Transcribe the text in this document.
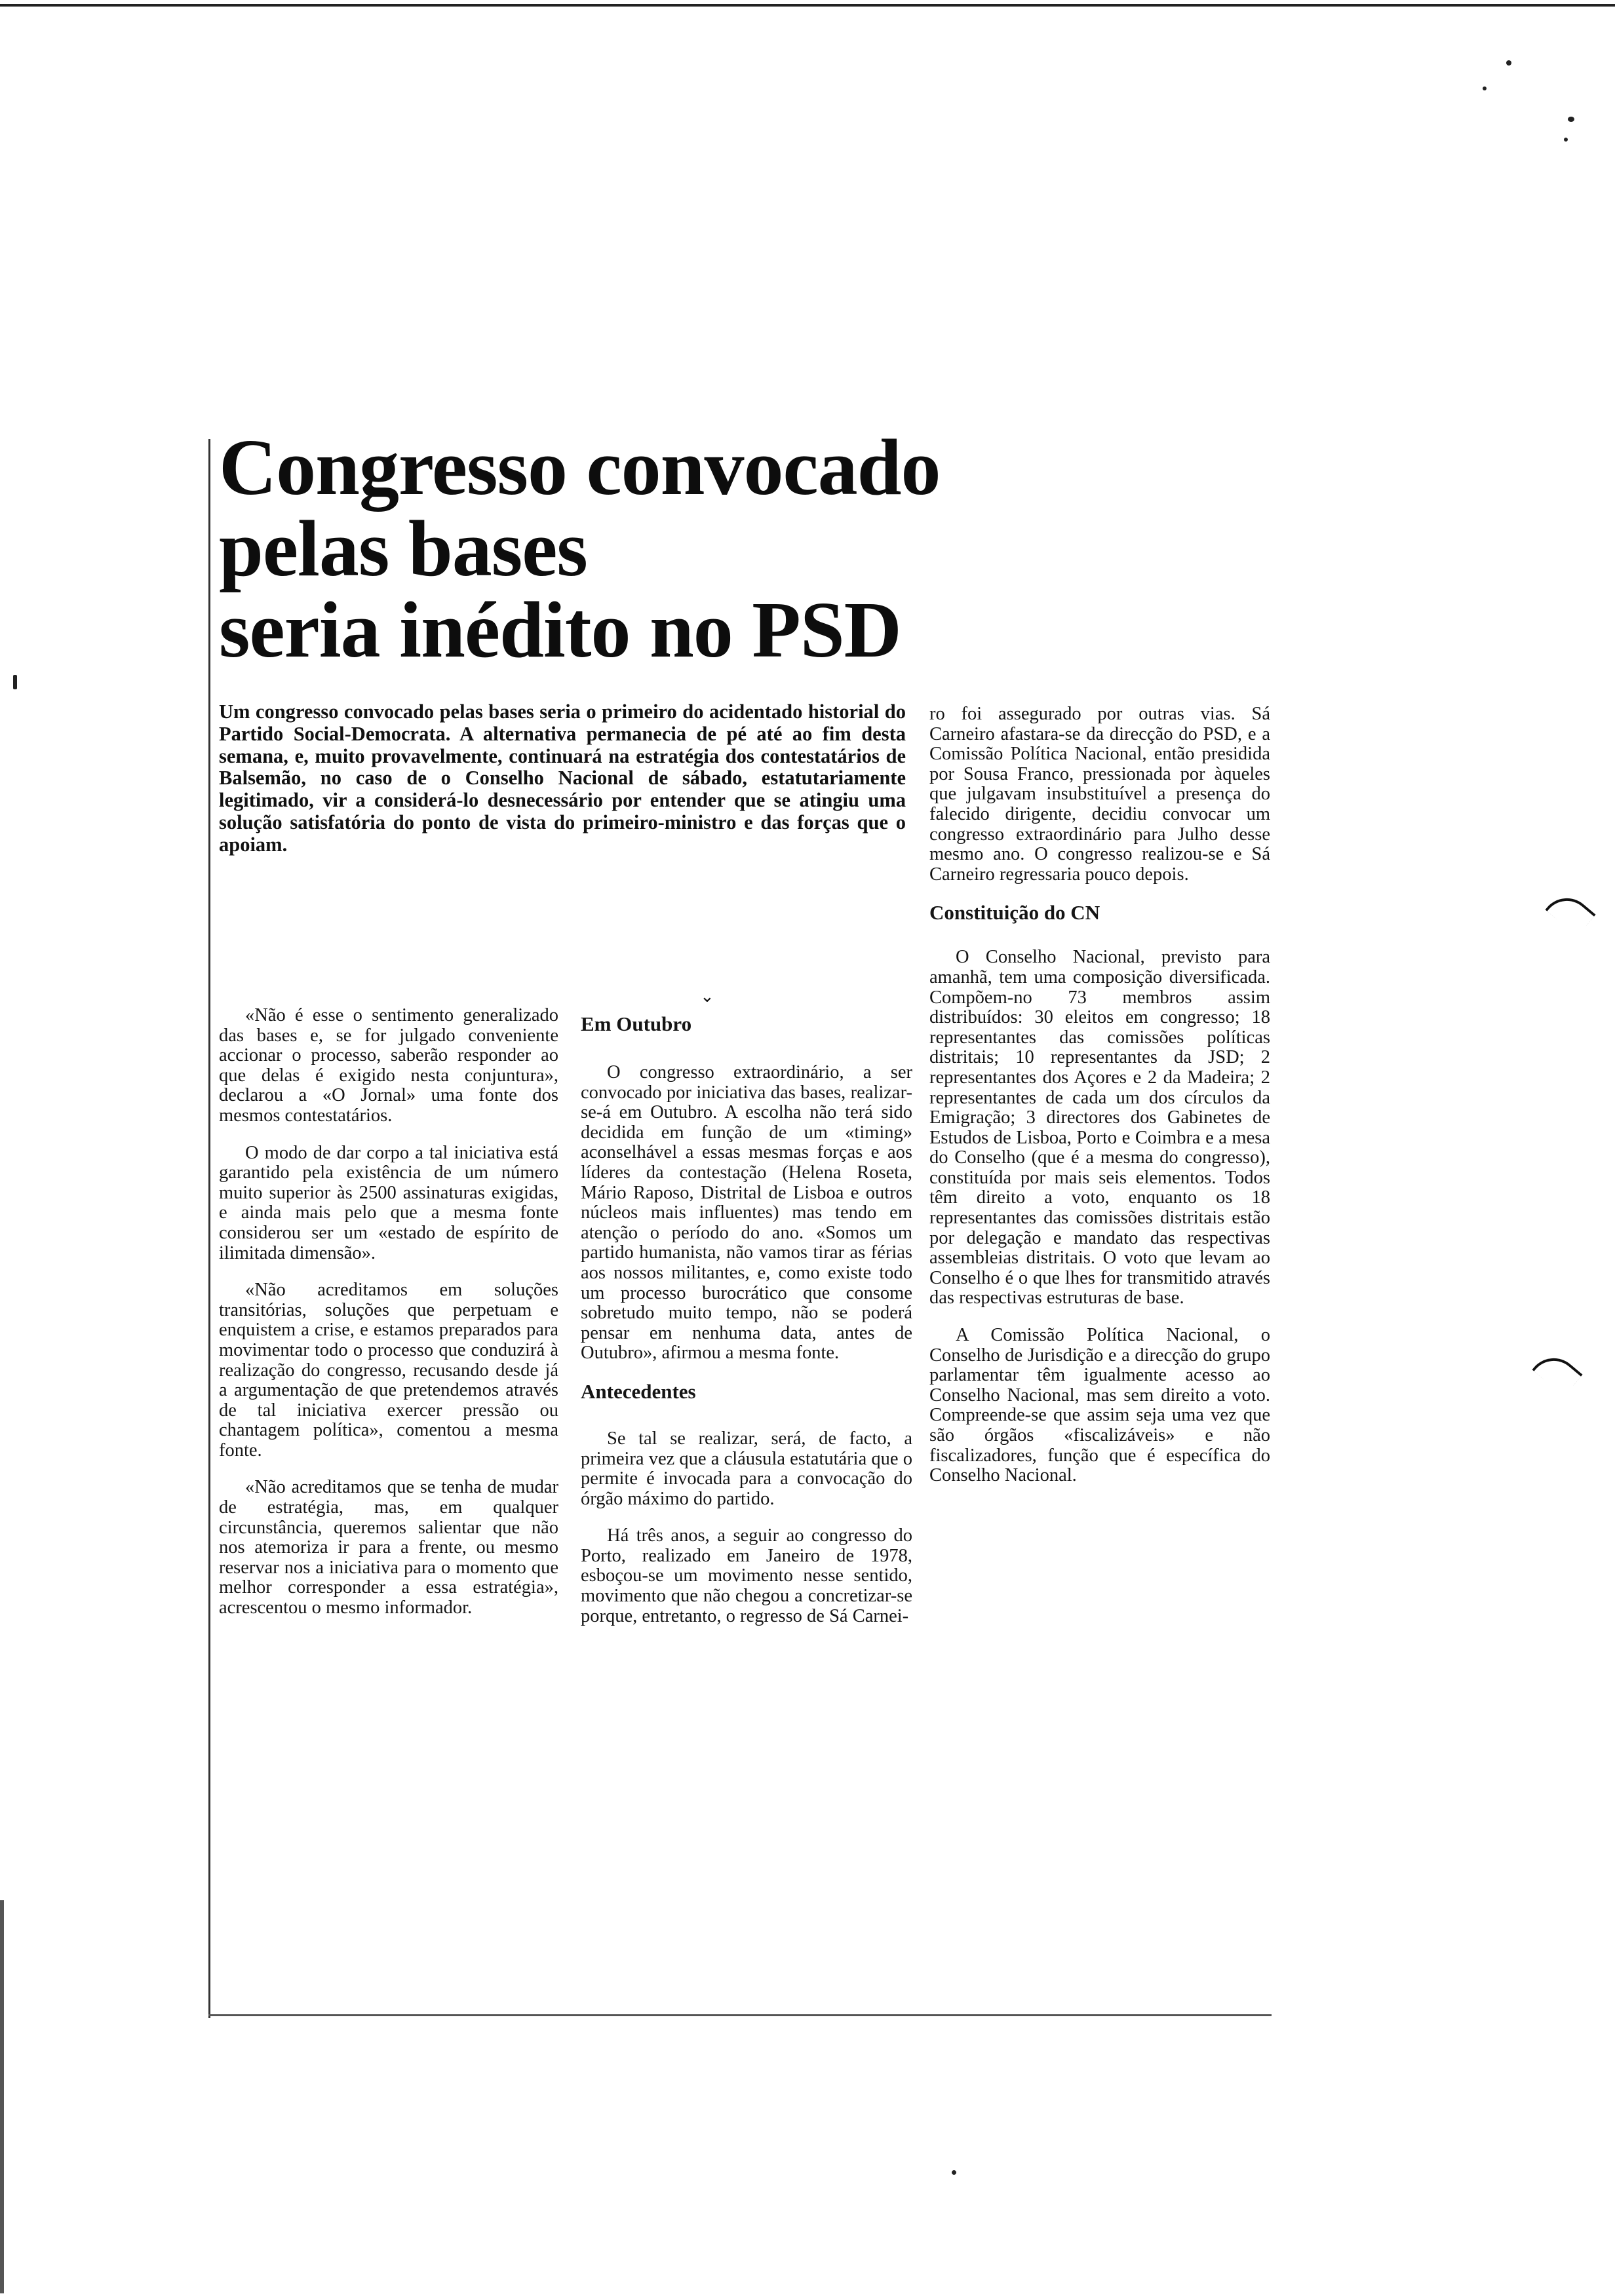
Congresso convocado
pelas bases
seria inédito no PSD

Um congresso convocado pelas bases seria o primeiro do acidentado historial do Partido Social-Democrata. A alternativa permanecia de pé até ao fim desta semana, e, muito provavelmente, continuará na estratégia dos contestatários de Balsemão, no caso de o Conselho Nacional de sábado, estatutariamente legitimado, vir a considerá-lo desnecessário por entender que se atingiu uma solução satisfatória do ponto de vista do primeiro-ministro e das forças que o apoiam.

⌄

«Não é esse o sentimento generalizado das bases e, se for julgado conveniente accionar o processo, saberão responder ao que delas é exigido nesta conjuntura», declarou a «O Jornal» uma fonte dos mesmos contestatários.

O modo de dar corpo a tal iniciativa está garantido pela existência de um número muito superior às 2500 assinaturas exigidas, e ainda mais pelo que a mesma fonte considerou ser um «estado de espírito de ilimitada dimensão».

«Não acreditamos em soluções transitórias, soluções que perpetuam e enquistem a crise, e estamos preparados para movimentar todo o processo que conduzirá à realização do congresso, recusando desde já a argumentação de que pretendemos através de tal iniciativa exercer pressão ou chantagem política», comentou a mesma fonte.

«Não acreditamos que se tenha de mudar de estratégia, mas, em qualquer circunstância, queremos salientar que não nos atemoriza ir para a frente, ou mesmo reservar nos a iniciativa para o momento que melhor corresponder a essa estratégia», acrescentou o mesmo informador.

Em Outubro

O congresso extraordinário, a ser convocado por iniciativa das bases, realizar-se-á em Outubro. A escolha não terá sido decidida em função de um «timing» aconselhável a essas mesmas forças e aos líderes da contestação (Helena Roseta, Mário Raposo, Distrital de Lisboa e outros núcleos mais influentes) mas tendo em atenção o período do ano. «Somos um partido humanista, não vamos tirar as férias aos nossos militantes, e, como existe todo um processo burocrático que consome sobretudo muito tempo, não se poderá pensar em nenhuma data, antes de Outubro», afirmou a mesma fonte.

Antecedentes

Se tal se realizar, será, de facto, a primeira vez que a cláusula estatutária que o permite é invocada para a convocação do órgão máximo do partido.

Há três anos, a seguir ao congresso do Porto, realizado em Janeiro de 1978, esboçou-se um movimento nesse sentido, movimento que não chegou a concretizar-se porque, entretanto, o regresso de Sá Carnei-

ro foi assegurado por outras vias. Sá Carneiro afastara-se da direcção do PSD, e a Comissão Política Nacional, então presidida por Sousa Franco, pressionada por àqueles que julgavam insubstituível a presença do falecido dirigente, decidiu convocar um congresso extraordinário para Julho desse mesmo ano. O congresso realizou-se e Sá Carneiro regressaria pouco depois.

Constituição do CN

O Conselho Nacional, previsto para amanhã, tem uma composição diversificada. Compõem-no 73 membros assim distribuídos: 30 eleitos em congresso; 18 representantes das comissões políticas distritais; 10 representantes da JSD; 2 representantes dos Açores e 2 da Madeira; 2 representantes de cada um dos círculos da Emigração; 3 directores dos Gabinetes de Estudos de Lisboa, Porto e Coimbra e a mesa do Conselho (que é a mesma do congresso), constituída por mais seis elementos. Todos têm direito a voto, enquanto os 18 representantes das comissões distritais estão por delegação e mandato das respectivas assembleias distritais. O voto que levam ao Conselho é o que lhes for transmitido através das respectivas estruturas de base.

A Comissão Política Nacional, o Conselho de Jurisdição e a direcção do grupo parlamentar têm igualmente acesso ao Conselho Nacional, mas sem direito a voto. Compreende-se que assim seja uma vez que são órgãos «fiscalizáveis» e não fiscalizadores, função que é específica do Conselho Nacional.
